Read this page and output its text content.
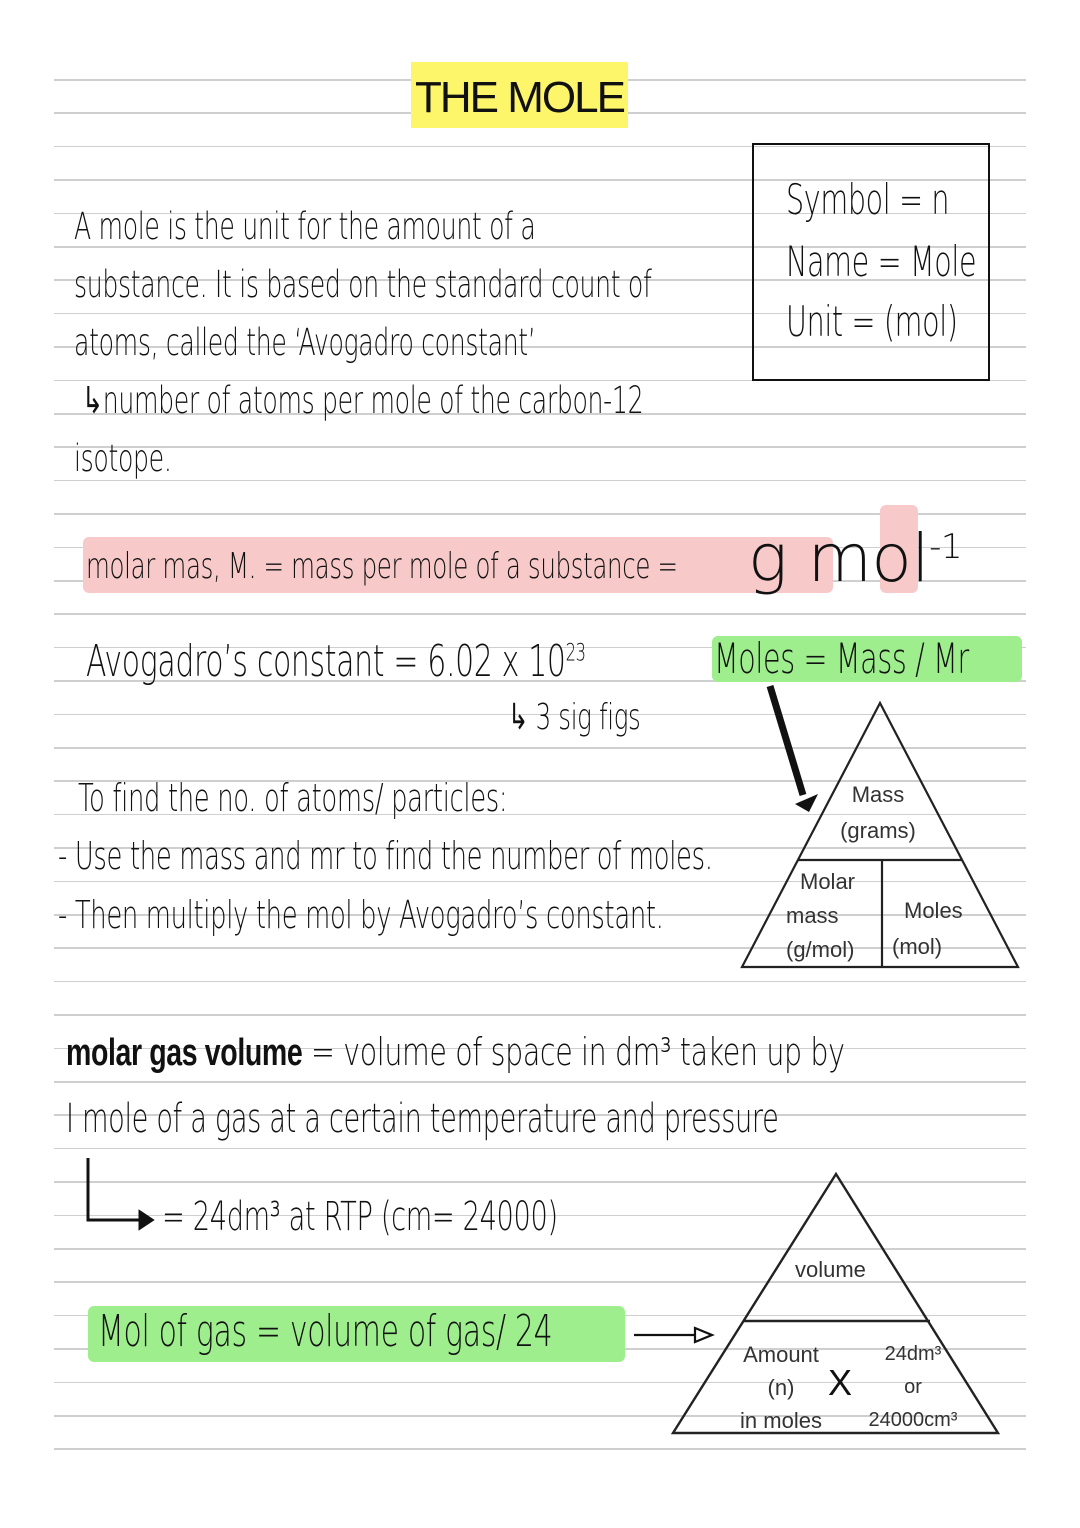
THE MOLE
A mole is the unit for the amount of a
substance. It is based on the standard count of
atoms, called the ‘Avogadro constant’
↳number of atoms per mole of the carbon-12
isotope.
Symbol = n
Name = Mole
Unit = (mol)
molar mas, M. = mass per mole of a substance = g mol$^{-1}$
Avogadro’s constant = 6.02 x $10^{23}$
↳ 3 sig figs
Moles = Mass / Mr
To find the no. of atoms/ particles:
- Use the mass and mr to find the number of moles.
- Then multiply the mol by Avogadro’s constant.
Mass
(grams)
Molar
mass
(g/mol)
Moles
(mol)
molar gas volume = volume of space in dm³ taken up by
I mole of a gas at a certain temperature and pressure
= 24dm³ at RTP (cm= 24000)
Mol of gas = volume of gas/ 24
volume
Amount
(n)
in moles
X
24dm³
or
24000cm³
